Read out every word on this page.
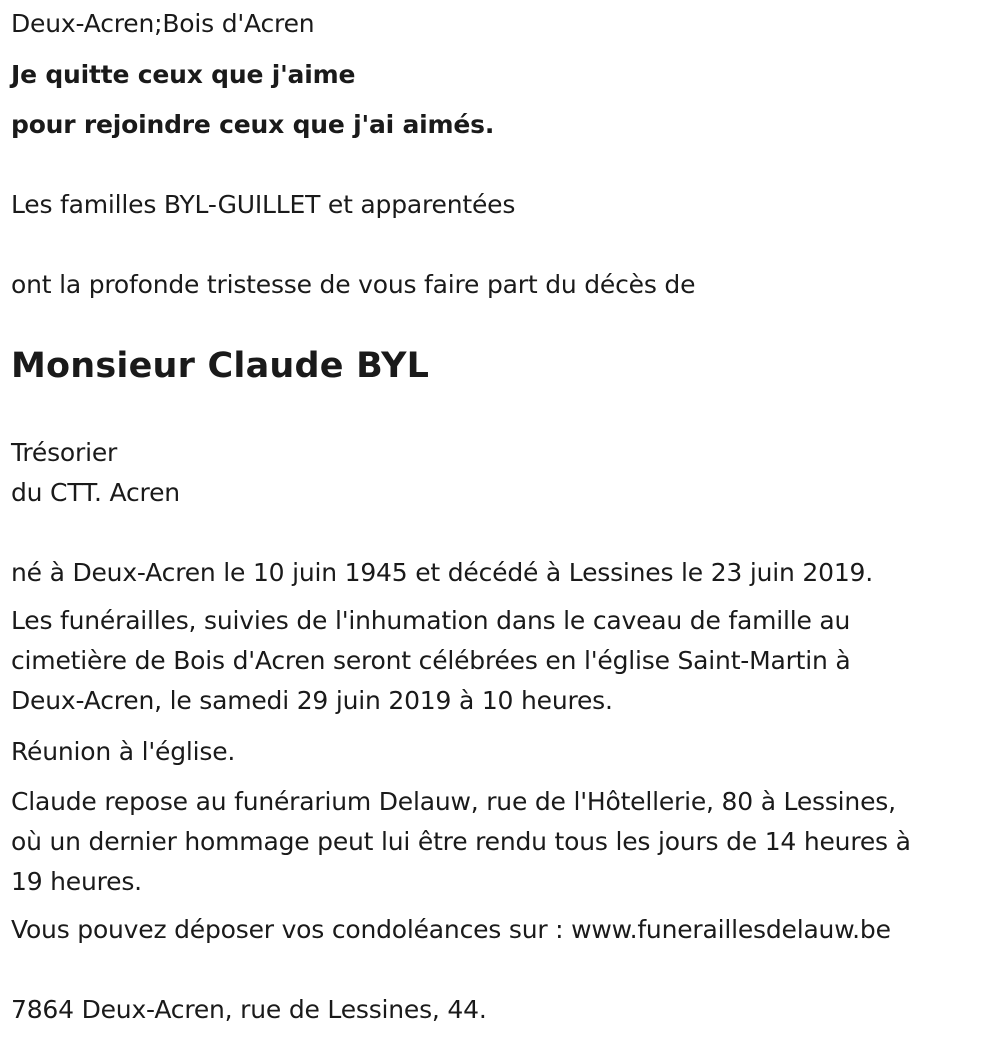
Deux-Acren;Bois d'Acren
Je quitte ceux que j'aime
pour rejoindre ceux que j'ai aimés.
Les familles BYL-GUILLET et apparentées
ont la profonde tristesse de vous faire part du décès de
Monsieur Claude BYL
Trésorier
du CTT. Acren
né à Deux-Acren le 10 juin 1945 et décédé à Lessines le 23 juin 2019.
Les funérailles, suivies de l'inhumation dans le caveau de famille au
cimetière de Bois d'Acren seront célébrées en l'église Saint-Martin à
Deux-Acren, le samedi 29 juin 2019 à 10 heures.
Réunion à l'église.
Claude repose au funérarium Delauw, rue de l'Hôtellerie, 80 à Lessines,
où un dernier hommage peut lui être rendu tous les jours de 14 heures à
19 heures.
Vous pouvez déposer vos condoléances sur : www.funeraillesdelauw.be
7864 Deux-Acren, rue de Lessines, 44.
